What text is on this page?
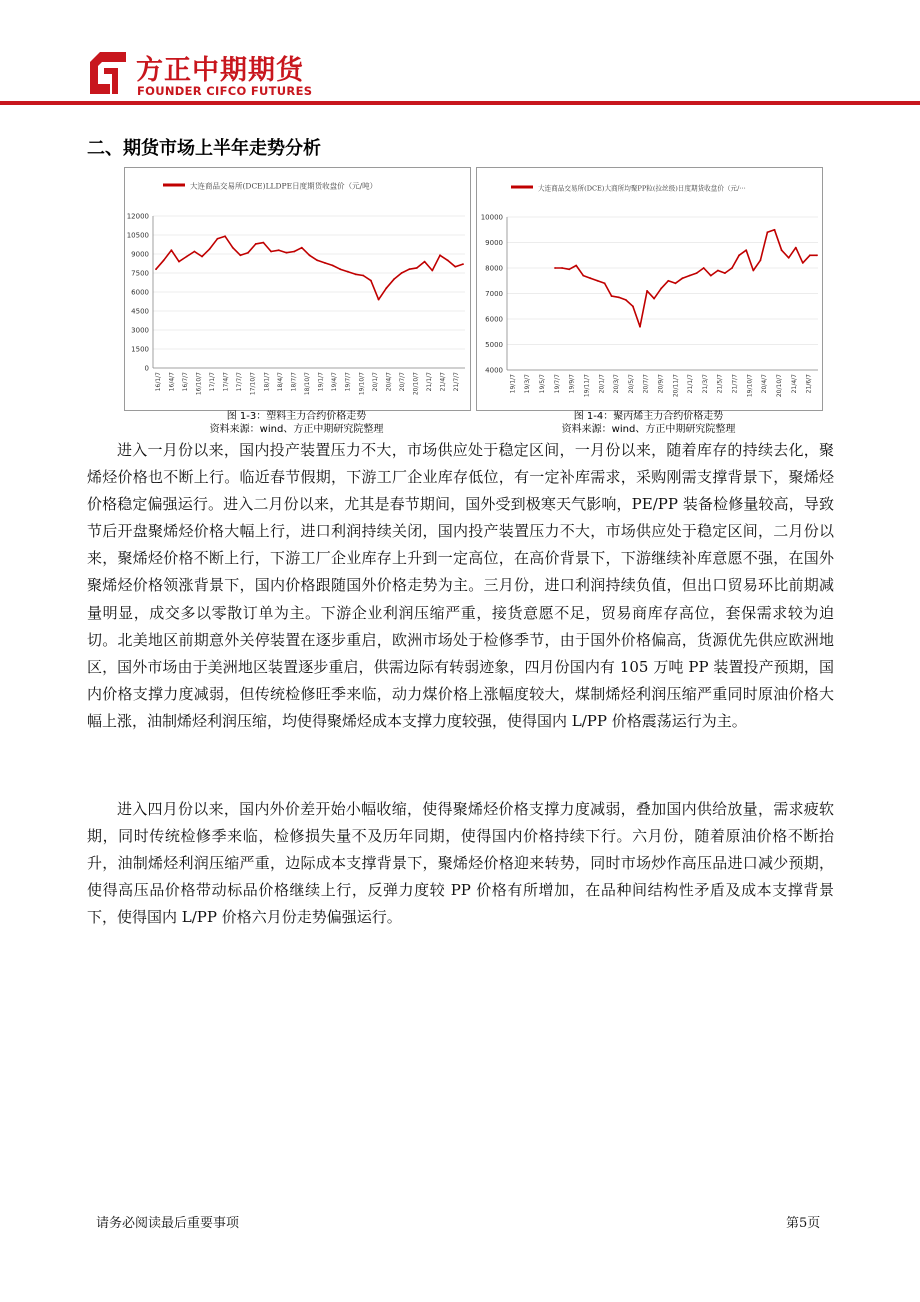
方正中期期货
FOUNDER CIFCO FUTURES
二、期货市场上半年走势分析
大连商品交易所(DCE)LLDPE日度期货收盘价（元/吨）
12000
10500
9000
7500
6000
4500
3000
1500
0
16/1/7 16/4/7 16/7/7 16/10/7 17/1/7 17/4/7 17/7/7 17/10/7 18/1/7 18/4/7 18/7/7 18/10/7 19/1/7 19/4/7 19/7/7 19/10/7 20/1/7 20/4/7 20/7/7 20/10/7 21/1/7 21/4/7 21/7/7
大连商品交易所(DCE)大商所均聚PP粒(拉丝级)日度期货收盘价（元/···
10000
9000
8000
7000
6000
5000
4000
19/1/7 19/3/7 19/5/7 19/7/7 19/9/7 19/11/7 20/1/7 20/3/7 20/5/7 20/7/7 20/9/7 20/11/7 21/1/7 21/3/7 21/5/7 21/7/7 19/10/7 20/4/7 20/10/7 21/4/7 21/6/7
图 1-3：塑料主力合约价格走势
资料来源：wind、方正中期研究院整理
图 1-4：聚丙烯主力合约价格走势
资料来源：wind、方正中期研究院整理

进入一月份以来，国内投产装置压力不大，市场供应处于稳定区间，一月份以来，随着库存的持续去化，聚烯烃价格也不断上行。临近春节假期，下游工厂企业库存低位，有一定补库需求，采购刚需支撑背景下，聚烯烃价格稳定偏强运行。进入二月份以来，尤其是春节期间，国外受到极寒天气影响，PE/PP 装备检修量较高，导致节后开盘聚烯烃价格大幅上行，进口利润持续关闭，国内投产装置压力不大，市场供应处于稳定区间，二月份以来，聚烯烃价格不断上行，下游工厂企业库存上升到一定高位，在高价背景下，下游继续补库意愿不强，在国外聚烯烃价格领涨背景下，国内价格跟随国外价格走势为主。三月份，进口利润持续负值，但出口贸易环比前期减量明显，成交多以零散订单为主。下游企业利润压缩严重，接货意愿不足，贸易商库存高位，套保需求较为迫切。北美地区前期意外关停装置在逐步重启，欧洲市场处于检修季节，由于国外价格偏高，货源优先供应欧洲地区，国外市场由于美洲地区装置逐步重启，供需边际有转弱迹象，四月份国内有 105 万吨 PP 装置投产预期，国内价格支撑力度减弱，但传统检修旺季来临，动力煤价格上涨幅度较大，煤制烯烃利润压缩严重同时原油价格大幅上涨，油制烯烃利润压缩，均使得聚烯烃成本支撑力度较强，使得国内 L/PP 价格震荡运行为主。

进入四月份以来，国内外价差开始小幅收缩，使得聚烯烃价格支撑力度减弱，叠加国内供给放量，需求疲软期，同时传统检修季来临，检修损失量不及历年同期，使得国内价格持续下行。六月份，随着原油价格不断抬升，油制烯烃利润压缩严重，边际成本支撑背景下，聚烯烃价格迎来转势，同时市场炒作高压品进口减少预期，使得高压品价格带动标品价格继续上行，反弹力度较 PP 价格有所增加，在品种间结构性矛盾及成本支撑背景下，使得国内 L/PP 价格六月份走势偏强运行。

请务必阅读最后重要事项	第5页
